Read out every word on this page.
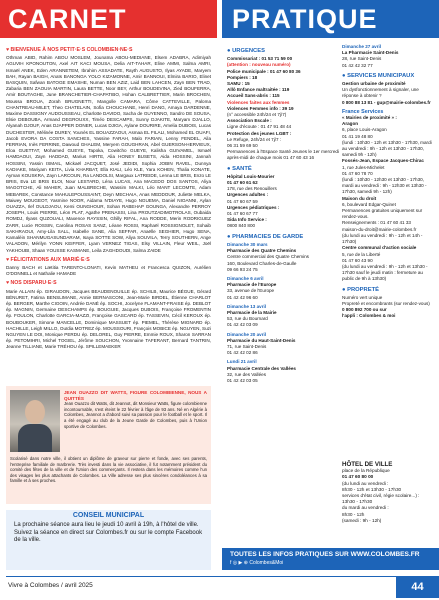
CARNET	PRATIQUE
♥ BIENVENUE À NOS PETIT·E·S COLOMBIEN·NE·S
Othman ABID, Rahim ABOU MOSLEM, Jounaïna ABOU-MEDIANE, Elsem ADABRA, Adimiyah AGUVIH KPONOUTON, Axel AIT KACI MOUSA, Delia AIT-TAHAR, Eline AMMI, Salma AMRI, Ismaël ANEK, Eden ARANNETEM, Ibrahim ASSADATE, Rayth AUGUSTO, Ilyas AYADE, Maryem BAH, Rayan BAIGH, Anaïs BANONGA YOLO KIZAMONNE, Amir BANNOUI, Elmira BARIO, Elinet BASQUIN, Safwan BATOGE EMASHE, Numan BEN AZIZ, Laid BEN LAHCEN, Zayn BEN TRAD, Zabaria BEN ZAOUIA MARTIN, Laura BETTE, Noor BEY, Arthur BOUDEVINA, Zied BOUFERRA, Amir BOUTAGHE, June BRANCHETIER-CHAPATIBO, Hohan CALBRETTIER, Marin BROCHEN, Moussa BROUA, Zorah BRUGNETTI, Mangolle CAMARA, Côme CATTEVILLE, Paloma CHANTREAU-MILET, Theo CHATELAIN, Sofia CHOUCHANE, Henri DANG, Amaya DARDENNE, Maxime DASSIGNY AUDOUSSEAU, Charlotte DAVIDO, Sacha de GUYENNO, Sandro DE SOUSA, Elsie DEBOUBA, Armand DEGROUXX, Timéo DESCAMPS, Sunny DJAKITE, Maryam DJALLO, Alyanah DJOUF, Anas DJAPPER DONER, Lucas DJIGA, Aylane DOURIRE, Amelia DUBOIS, Lucas DUCHESTER, Mélinée DUREY, Younès EL BOUAZZAOUI, Asmaa EL FILALI, Mohamed EL OUAFI, Jacob EVORA DA COSTA SANCHES, Yassine FARAH, Malo FARIAN, Lenny FENDEL, Aila FERRIAN, Inès FERRINE, Dawoud GHALEM, Meryem GOUGHRAN, Abel GUERSON-HERVIEUX, Eloa GUETTAT, Mohamed GUEYE, Tapoka, Cowitcho GUEYE, Kalisha GUIVAMEL, Ismaël HAMDAOUI, Zayn HADDAD, Marius HIRTE, Alia HONEY BUSETS, Aida HOSSINI, Jannah HOSSINI, Yassin ISMAIL, Mickaël JACQUET, José JEDIDI, Sophia JOBIN RAVEL, Dunnya KADIAKE, Mariyam KEITA, Livia KHARBAT, Ella KIALI, Léo KLE, Yara KOHEN, Thalia KONATE, Ayman KOUSKRA, Zayn LARCOUN, Ra LANDOLSI, Margaux LATREIDE, Lenna LE BRIS, Enzo LE BRIS, Eva LE BRIS ELOI, Nour LESTARD, Léna LUCAS, Ana MACEDO DOS SANTOS, Aliya MAGOTCHE, Ali MAHER, Juan MALBRECHE, Wassim MALKI, Léo MANT LECOMTE, Adam MEBAREK, Constance MAHULEPOUSSAINT, Deyn MECHAIA, Anas MEDDOUR, Juliette MELKA, Maiwey MOUGEOT, Yasmine NOOR, Aidama N'DIAYE, Hugo NGUEMA, Daniel NIOANNI, Aylan OUAZZA, Ilef OULDJAOU, Kemi OUNGHOUR, Sohan RABEHAP GOUNGA, Alexandre PERROY JOSEPH, Louis PIERRE, Léon PLAT, Agathe PRENASSI, Lina PROUTZADIMOTROLAS, Oubaida ROMDJ, Ilyass QUZOUALI, Maxence RAYSSIN, Ghilly RIFAL, Ana RODDE, Merin RODRIGUEZ ZARR, Lucie ROSSIN, Carolina ROSAS SANZ, Léane ROSSI, Raphaël ROSSIGNOLET, Sohaib SAKHRAOUI, Amy-Lila SALL, Isabelle SANE, Alia SEFFAR, Anaëlle SEGHIER, Hugo SENA, Kamalèin SHANMUGASUNDARAM, Isaya SOTTE SOW, Aliya SOUVILA, Terry SOUTHERN, Ange VALADON, Mérilyn YONN KEIFFER, Lyam VERNEZ TIGAS, Elsy VILLAIN, Fleur WEIL, Joël YAKHOUBI, Shaan YOUSSE KASMANE, Leila ZAGHDOUDI, Salma ZAIDE
♥ FÉLICITATIONS AUX MARIÉ·E·S
Danny BACH et Lætitia TARENTO-LONATI, Kevin MATHEU et Francesca QUIZON, Aurélien O'DONNELL et Nathalie HAMADE
♥ NOS DISPARU·E·S
Marie ALLAIN ép. GIRAUDON, Jacques BEAUDENOUILLE ép. SCHILB, Maurice BÉGUE, Gérard BÉNURET, Fatima BENSLIMANE, Annie BERNASCONI, Jean-Marie BIRDEL, Étienne CHARLOT ép. BERGER, Marthe CIGOIN, Andrée DANÉ ép. SOCHI, Jocelyne FLAMANT-FRAISE ép. DEBLOT ép. MAGNIN, Germaine DESCHAMPS ép. BOUGUIE, Jacques DUBOIS, Françoise FROMENTIN ép. FOULON, Charlotte GARCIA-MAZZI, Françoise GASCARD ép. TASSEVIN, Cécil KEROUX ép. BOUBOUKER, Simone MANCELLE, Dominique MASSUET ép. PIEMEL, Thérèse MIGNARD ép. HACHILLE, Leigh MILLO, Ouïdia MOTREZ ép. MOUSSOURI, François MOBICE ép. NGUYEN, Suzi NGUYEN LE DOI, Monique PERDU ép. DELOREL, Guy PIERRE, Emmie ROUX, Sharon SARRAN ép. PETOMIHRI, Michel TOGIEL, Jérôme SOUCHON, Yvonnaine TAFERANT, Bernard TANTRIN, Jeanne TILLIANE, Marie TRÉHOU ép. SPILLEMAEKER
JEAN OUAZZO DIT WATTS, FIGURE COLOMBIENNE, NOUS A QUITTÉS
Jean Ouazzo dit Watts, dit Jeannot, dit Monsieur Watts, figure colombienne incontournable, s'est éteint le 22 février à l'âge de 93 ans. Né en Algérie à Colombes, Jeannot a d'abord suivi sa passion pour le football et le sport. Il a été engagé au club de la Jeune Garde de Colombes, puis à l'Union sportive de Colombes.
Scolarisé dans notre ville, il obtient un diplôme de graveur sur pierre et fonde, avec ses parents, l'entreprise familiale de marbrerie. Très investi dans la vie associative, il fut notamment président du comité des fêtes de la ville et de l'Union des commerçants. Il restera dans les mémoires comme l'un des visages les plus attachants de Colombes. La Ville adresse ses plus sincères condoléances à sa famille et à ses proches.
CONSEIL MUNICIPAL
La prochaine séance aura lieu le jeudi 10 avril à 19h, à l'hôtel de ville. Suivez la séance en direct sur Colombes.fr ou sur le compte Facebook de la ville.
● URGENCES
Commissariat : 01 53 71 59 00
(attention : nouveau numéro)
Police municipale : 01 47 60 80 36
Pompiers : 18
SAMU : 15
Allô Enfance maltraitée : 119
Accueil Sans-abris : 115
Violences faites aux femmes
Violences Femmes info : 39 19
(n° accessible 24h/24 et 7j/7)
Association Escale :
Ligne d'écoute : 01 47 91 48 44
Protection des jeunes LGBT :
Le Refuge, 24h/24 et 7j/7 :
06 31 59 69 50
Permanences à l'Espace Santé Jeunes le 1er mercredi après-midi de chaque mois 01 47 60 43 16
● SANTÉ
Hôpital Louis-Mourier
01 47 60 61 62
178, rue des Renouillers
Urgences adultes :
01 47 60 67 59
Urgences pédiatriques :
01 47 60 67 77
Sida Info Service :
0800 840 800
● PHARMACIES DE GARDE
Dimanche 30 mars
Pharmacie des Quatre Chemins
Centre commercial des Quatre Chemins
160, Boulevard Charles-de-Gaulle
09 66 93 24 75
Dimanche 6 avril
Pharmacie de l'Europe
33, avenue de l'Europe
01 42 42 96 60
Dimanche 13 avril
Pharmacie de la Mairie
53, rue du Bournard
01 42 42 03 09
Dimanche 20 avril
Pharmacie du Haut-Saint-Denis
71, rue Saint-Denis
01 42 42 02 86
Lundi 21 avril
Pharmacie Centrale des Vallées
32, rue des Vallées
01 42 42 03 05
Dimanche 27 avril
La Pharmacie Saint-Denis
28, rue Saint-Denis
01 42 42 32 77
● SERVICES MUNICIPAUX
Gestion urbaine de proximité
Un dysfonctionnement à signaler, une réponse à obtenir ?
0 800 88 13 81 - gup@mairie-colombes.fr
France Services
« Mairies de proximité » :
Aragon
6, place Louis-Aragon
01 41 19 48 80
(lundi : 10h30 - 12h et 13h30 - 17h30, mardi au vendredi : 9h - 12h et 13h30 - 17h30, samedi 9h - 12h)
Fossés-Jean, Espace Jacques-Chirac
1, rue Jules-Michelet
01 47 60 78 70
(lundi : 10h30 - 12h30 et 13h30 - 17h30, mardi au vendredi : 9h - 12h30 et 13h30 - 17h30, samedi 9h - 12h)
Maison du droit
6, boulevard Edgar-Quinet
Permanences gratuites uniquement sur rendez-vous.
Renseignements : 01 47 60 41 33
maison-du-droit@mairie-colombes.fr
(du lundi au vendredi : 9h - 12h et 14h - 17h30)
Centre communal d'action sociale
5, rue de la Liberté
01 47 60 43 90
(du lundi au vendredi : 9h - 12h et 13h30 - 17h30 sauf le jeudi matin : fermeture au public de 9h à 13h30)
● PROPRETÉ
Numéro vert unique
Propreté et encombrants (sur rendez-vous)
0 800 892 700 ou sur
l'appli : Colombes & moi
HÔTEL DE VILLE
place de la République
01 47 60 80 00
(du lundi au vendredi :
8h30 - 12h et 13h30 - 17h30
services d'état civil, régie scolaire...) :
13h30 - 17h30
du mardi au vendredi :
8h30 - 12h
(samedi : 9h - 12h)
TOUTES LES INFOS PRATIQUES SUR WWW.COLOMBES.FR
f ◎ ▶ ⊕ Colombes&Moi
Vivre à Colombes / avril 2025	44
